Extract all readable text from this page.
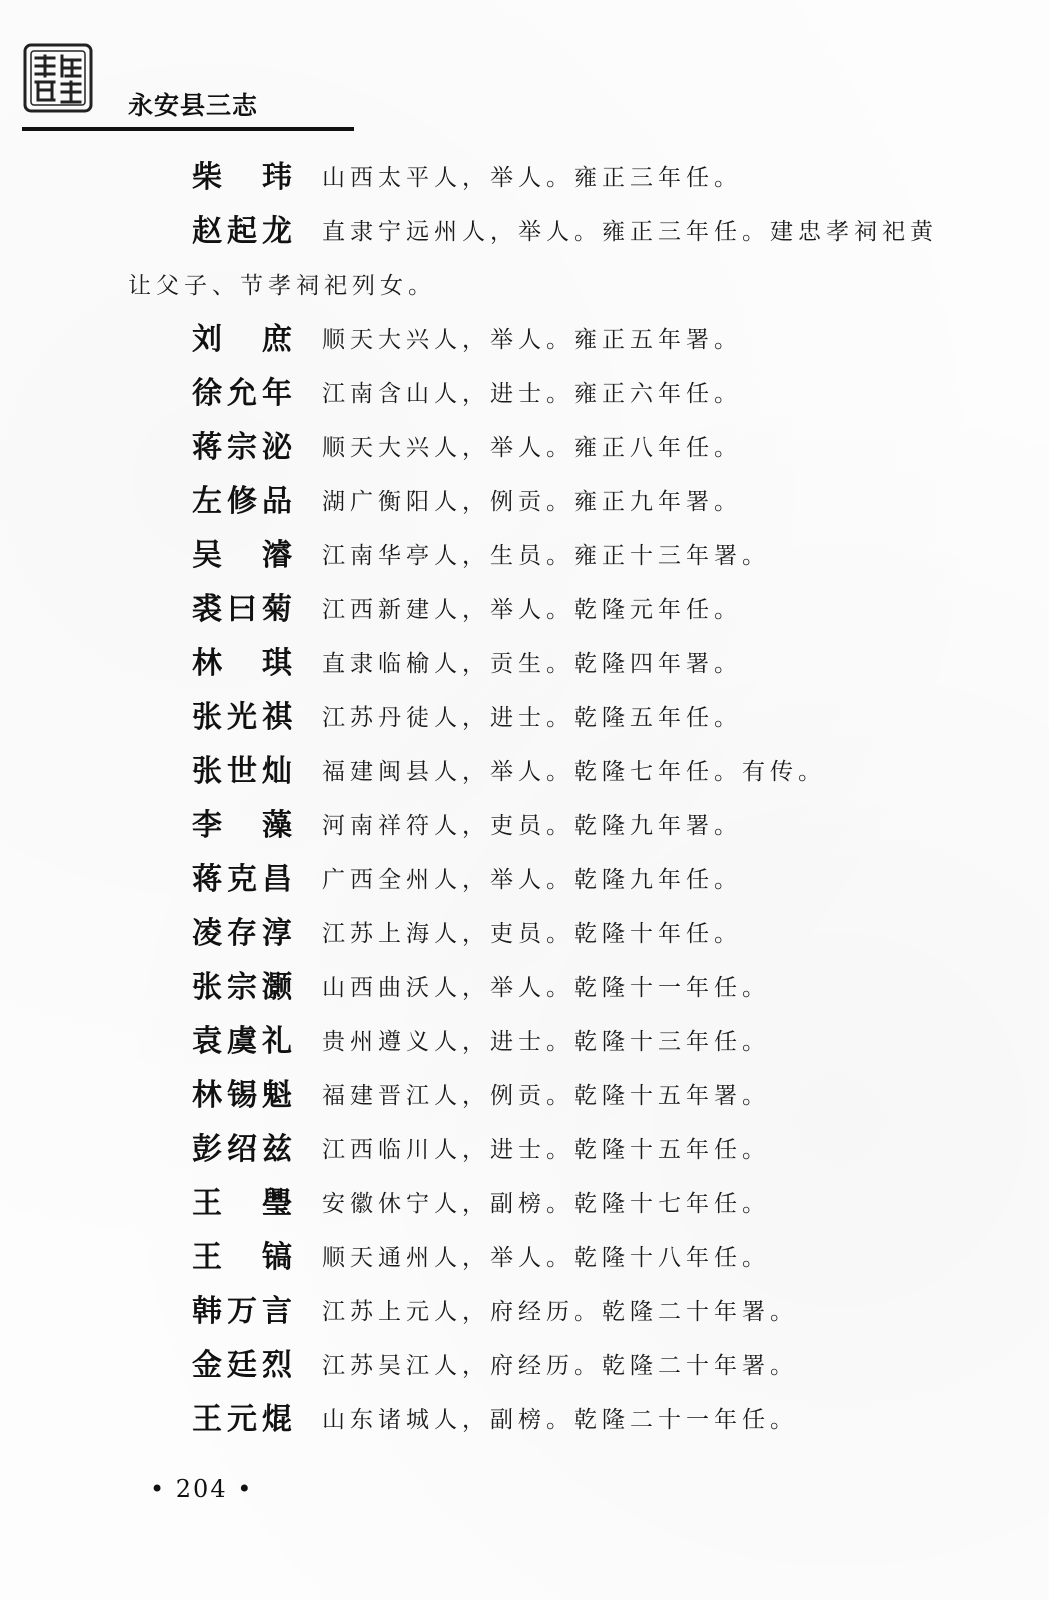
永安县三志
柴　玮 山西太平人，举人。雍正三年任。
赵起龙 直隶宁远州人，举人。雍正三年任。建忠孝祠祀黄
让父子、节孝祠祀列女。
刘　庶 顺天大兴人，举人。雍正五年署。
徐允年 江南含山人，进士。雍正六年任。
蒋宗泌 顺天大兴人，举人。雍正八年任。
左修品 湖广衡阳人，例贡。雍正九年署。
吴　濬 江南华亭人，生员。雍正十三年署。
裘曰菊 江西新建人，举人。乾隆元年任。
林　琪 直隶临榆人，贡生。乾隆四年署。
张光祺 江苏丹徒人，进士。乾隆五年任。
张世灿 福建闽县人，举人。乾隆七年任。有传。
李　藻 河南祥符人，吏员。乾隆九年署。
蒋克昌 广西全州人，举人。乾隆九年任。
凌存淳 江苏上海人，吏员。乾隆十年任。
张宗灏 山西曲沃人，举人。乾隆十一年任。
袁虞礼 贵州遵义人，进士。乾隆十三年任。
林锡魁 福建晋江人，例贡。乾隆十五年署。
彭绍兹 江西临川人，进士。乾隆十五年任。
王　璺 安徽休宁人，副榜。乾隆十七年任。
王　镐 顺天通州人，举人。乾隆十八年任。
韩万言 江苏上元人，府经历。乾隆二十年署。
金廷烈 江苏吴江人，府经历。乾隆二十年署。
王元焜 山东诸城人，副榜。乾隆二十一年任。
• 204 •
